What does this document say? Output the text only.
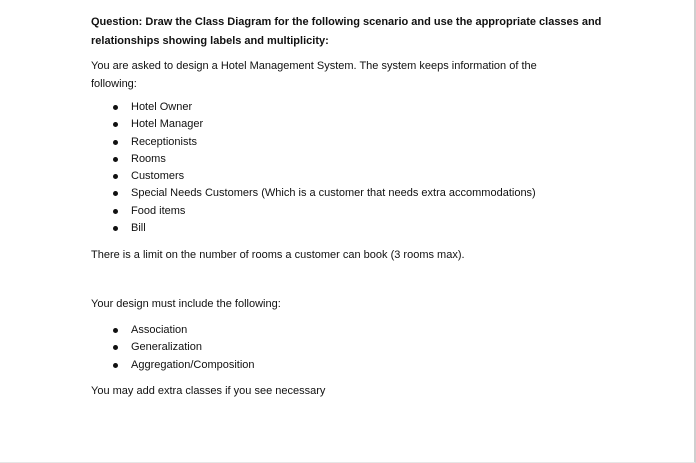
Question: Draw the Class Diagram for the following scenario and use the appropriate classes and
relationships showing labels and multiplicity:
You are asked to design a Hotel Management System. The system keeps information of the
following:
Hotel Owner
Hotel Manager
Receptionists
Rooms
Customers
Special Needs Customers (Which is a customer that needs extra accommodations)
Food items
Bill

There is a limit on the number of rooms a customer can book (3 rooms max).

Your design must include the following:

Association
Generalization
Aggregation/Composition

You may add extra classes if you see necessary
